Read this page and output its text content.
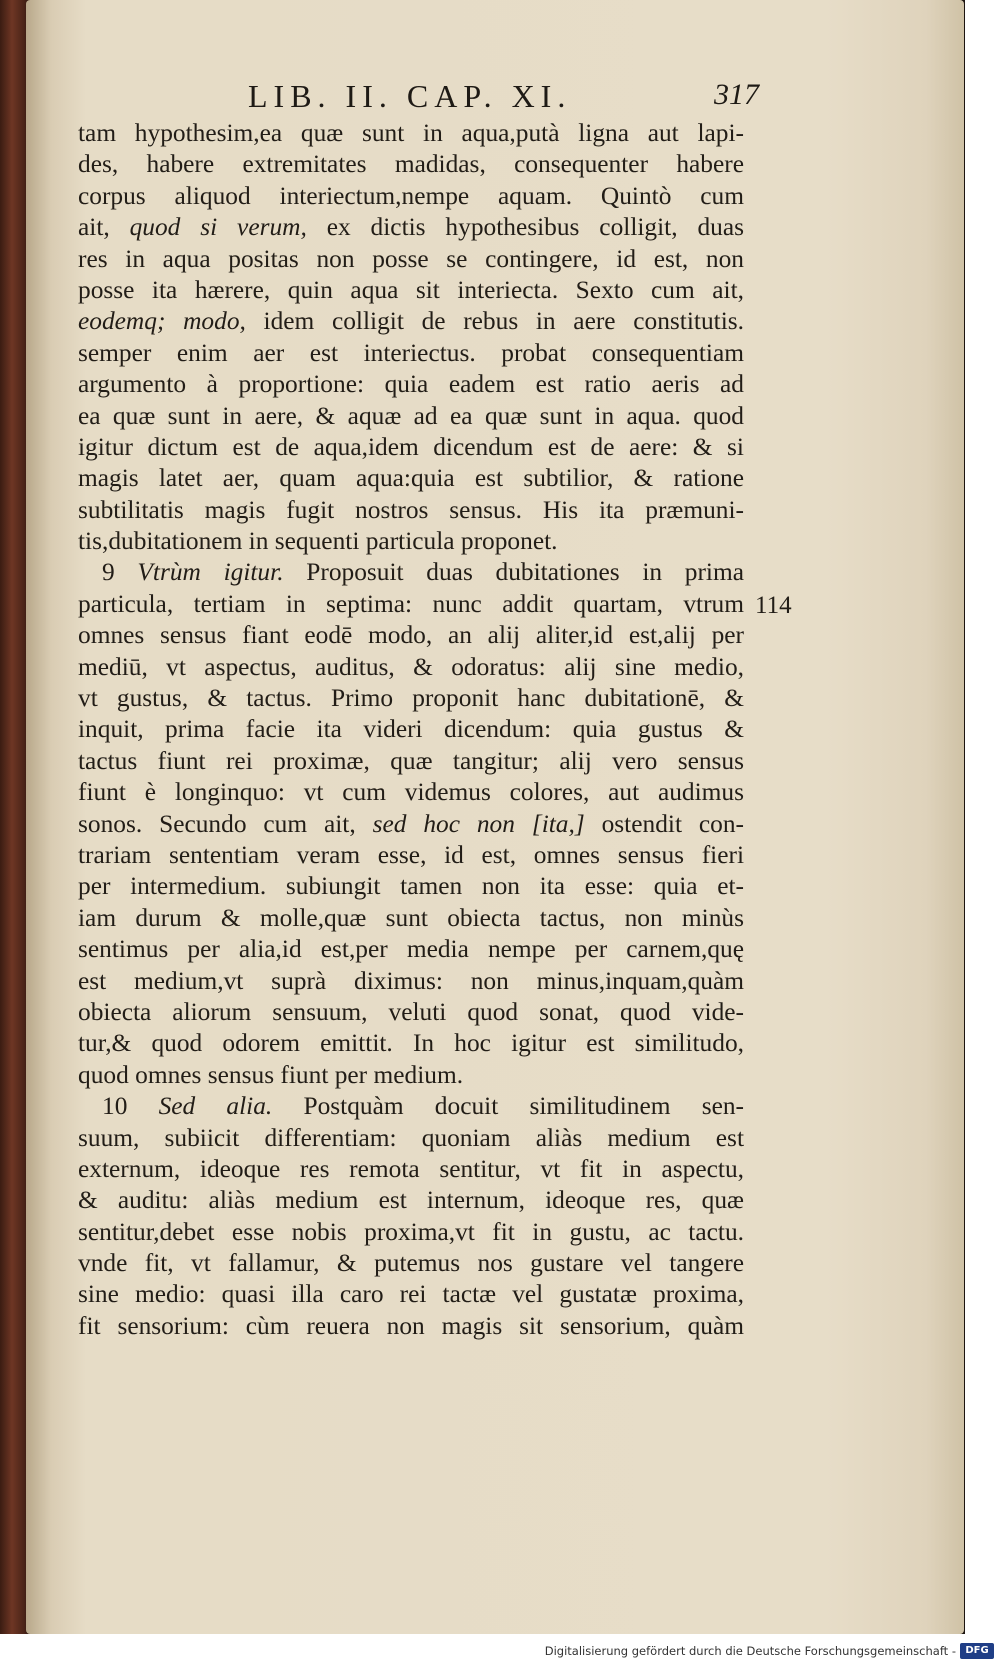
LIB. II. CAP. XI.	317
tam hypothesim,ea quæ sunt in aqua,putà ligna aut lapi-
des, habere extremitates madidas, consequenter habere
corpus aliquod interiectum,nempe aquam. Quintò cum
ait, quod si verum, ex dictis hypothesibus colligit, duas
res in aqua positas non posse se contingere, id est, non
posse ita hærere, quin aqua sit interiecta. Sexto cum ait,
eodemq; modo, idem colligit de rebus in aere constitutis.
semper enim aer est interiectus. probat consequentiam
argumento à proportione: quia eadem est ratio aeris ad
ea quæ sunt in aere, & aquæ ad ea quæ sunt in aqua. quod
igitur dictum est de aqua,idem dicendum est de aere: & si
magis latet aer, quam aqua:quia est subtilior, & ratione
subtilitatis magis fugit nostros sensus. His ita præmuni-
tis,dubitationem in sequenti particula proponet.
9 Vtrùm igitur. Proposuit duas dubitationes in prima
particula, tertiam in septima: nunc addit quartam, vtrum
omnes sensus fiant eodē modo, an alij aliter,id est,alij per
mediū, vt aspectus, auditus, & odoratus: alij sine medio,
vt gustus, & tactus. Primo proponit hanc dubitationē, &
inquit, prima facie ita videri dicendum: quia gustus &
tactus fiunt rei proximæ, quæ tangitur; alij vero sensus
fiunt è longinquo: vt cum videmus colores, aut audimus
sonos. Secundo cum ait, sed hoc non [ita,] ostendit con-
trariam sententiam veram esse, id est, omnes sensus fieri
per intermedium. subiungit tamen non ita esse: quia et-
iam durum & molle,quæ sunt obiecta tactus, non minùs
sentimus per alia,id est,per media nempe per carnem,quę
est medium,vt suprà diximus: non minus,inquam,quàm
obiecta aliorum sensuum, veluti quod sonat, quod vide-
tur,& quod odorem emittit. In hoc igitur est similitudo,
quod omnes sensus fiunt per medium.
10 Sed alia. Postquàm docuit similitudinem sen-
suum, subiicit differentiam: quoniam aliàs medium est
externum, ideoque res remota sentitur, vt fit in aspectu,
& auditu: aliàs medium est internum, ideoque res, quæ
sentitur,debet esse nobis proxima,vt fit in gustu, ac tactu.
vnde fit, vt fallamur, & putemus nos gustare vel tangere
sine medio: quasi illa caro rei tactæ vel gustatæ proxima,
fit sensorium: cùm reuera non magis sit sensorium, quàm
114
Digitalisierung gefördert durch die Deutsche Forschungsgemeinschaft - DFG
